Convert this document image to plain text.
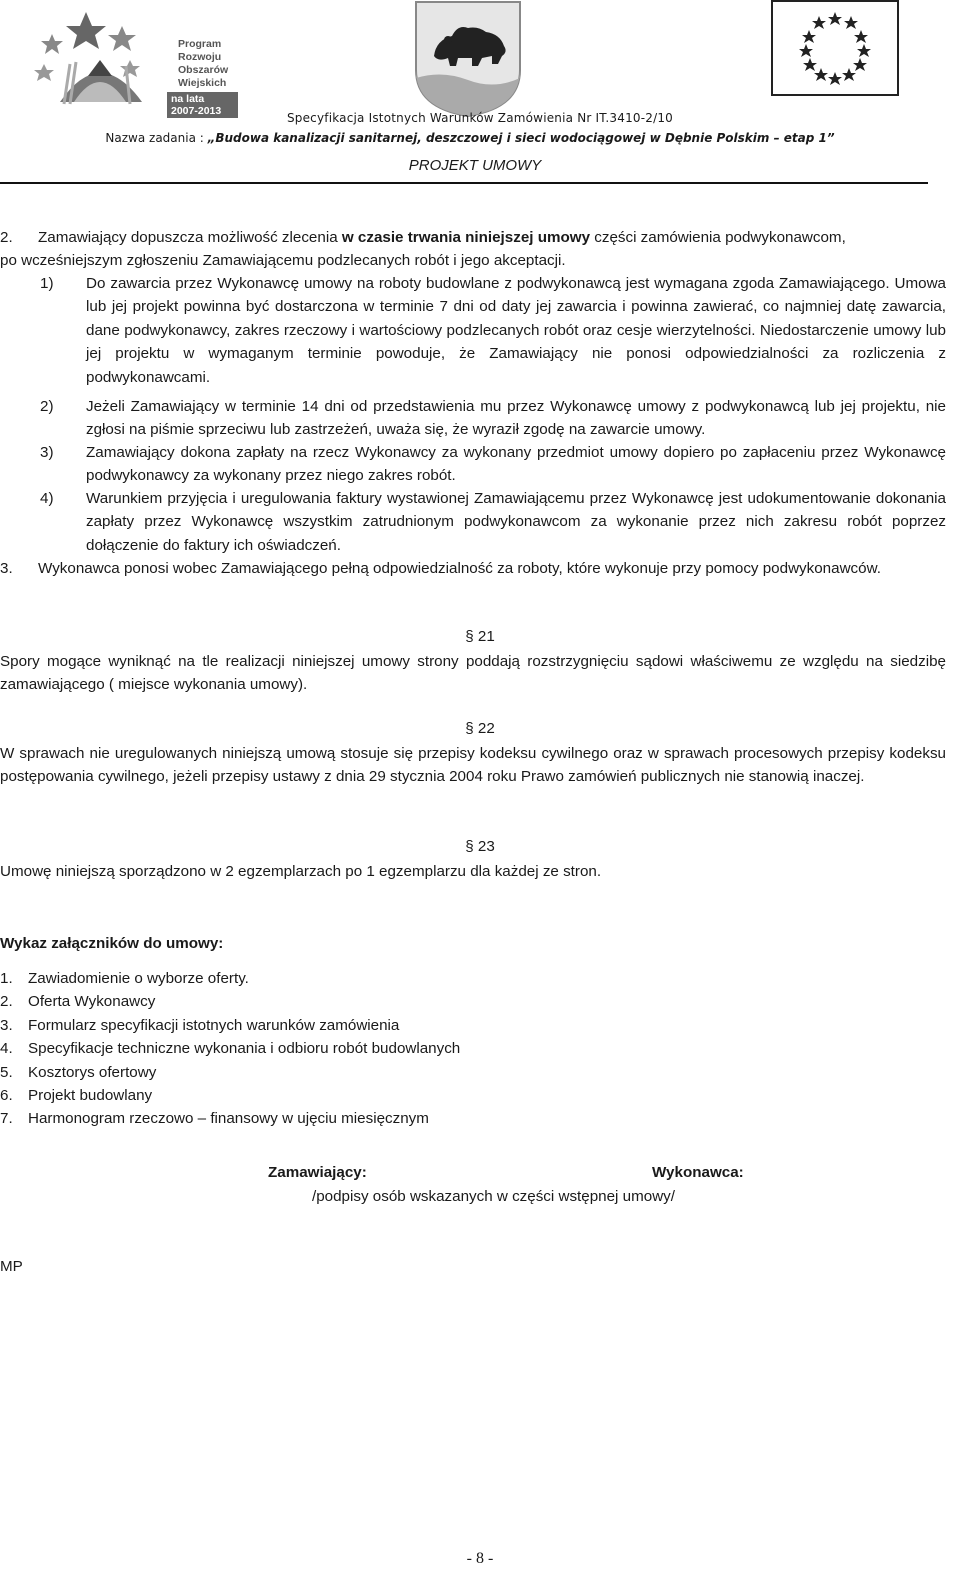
Program
Rozwoju
Obszarów
Wiejskich
na lata 2007-2013	Specyfikacja Istotnych Warunków Zamówienia Nr IT.3410-2/10
Nazwa zadania : „Budowa kanalizacji sanitarnej, deszczowej i sieci wodociągowej w Dębnie Polskim – etap 1”
PROJEKT UMOWY
2. Zamawiający dopuszcza możliwość zlecenia w czasie trwania niniejszej umowy części zamówienia podwykonawcom,
po wcześniejszym zgłoszeniu Zamawiającemu podzlecanych robót i jego akceptacji.
1) Do zawarcia przez Wykonawcę umowy na roboty budowlane z podwykonawcą jest wymagana zgoda Zamawiającego. Umowa lub jej projekt powinna być dostarczona w terminie 7 dni od daty jej zawarcia i powinna zawierać, co najmniej datę zawarcia, dane podwykonawcy, zakres rzeczowy i wartościowy podzlecanych robót oraz cesje wierzytelności. Niedostarczenie umowy lub jej projektu w wymaganym terminie powoduje, że Zamawiający nie ponosi odpowiedzialności za rozliczenia z podwykonawcami.
2) Jeżeli Zamawiający w terminie 14 dni od przedstawienia mu przez Wykonawcę umowy z podwykonawcą lub jej projektu, nie zgłosi na piśmie sprzeciwu lub zastrzeżeń, uważa się, że wyraził zgodę na zawarcie umowy.
3) Zamawiający dokona zapłaty na rzecz Wykonawcy za wykonany przedmiot umowy dopiero po zapłaceniu przez Wykonawcę podwykonawcy za wykonany przez niego zakres robót.
4) Warunkiem przyjęcia i uregulowania faktury wystawionej Zamawiającemu przez Wykonawcę jest udokumentowanie dokonania zapłaty przez Wykonawcę wszystkim zatrudnionym podwykonawcom za wykonanie przez nich zakresu robót poprzez dołączenie do faktury ich oświadczeń.
3. Wykonawca ponosi wobec Zamawiającego pełną odpowiedzialność za roboty, które wykonuje przy pomocy podwykonawców.
§ 21
Spory mogące wyniknąć na tle realizacji niniejszej umowy strony poddają rozstrzygnięciu sądowi właściwemu ze względu na siedzibę zamawiającego ( miejsce wykonania umowy).
§ 22
W sprawach nie uregulowanych niniejszą umową stosuje się przepisy kodeksu cywilnego oraz w sprawach procesowych przepisy kodeksu postępowania cywilnego, jeżeli przepisy ustawy z dnia 29 stycznia 2004 roku Prawo zamówień publicznych nie stanowią inaczej.
§ 23
Umowę niniejszą sporządzono w 2 egzemplarzach po 1 egzemplarzu dla każdej ze stron.
Wykaz załączników do umowy:
1.	Zawiadomienie o wyborze oferty.
2.	Oferta Wykonawcy
3.	Formularz specyfikacji istotnych warunków zamówienia
4.	Specyfikacje techniczne wykonania i odbioru robót budowlanych
5.	Kosztorys ofertowy
6.	Projekt budowlany
7.	Harmonogram rzeczowo – finansowy w ujęciu miesięcznym
Zamawiający:	Wykonawca:
/podpisy osób wskazanych w części wstępnej umowy/
MP
- 8 -
